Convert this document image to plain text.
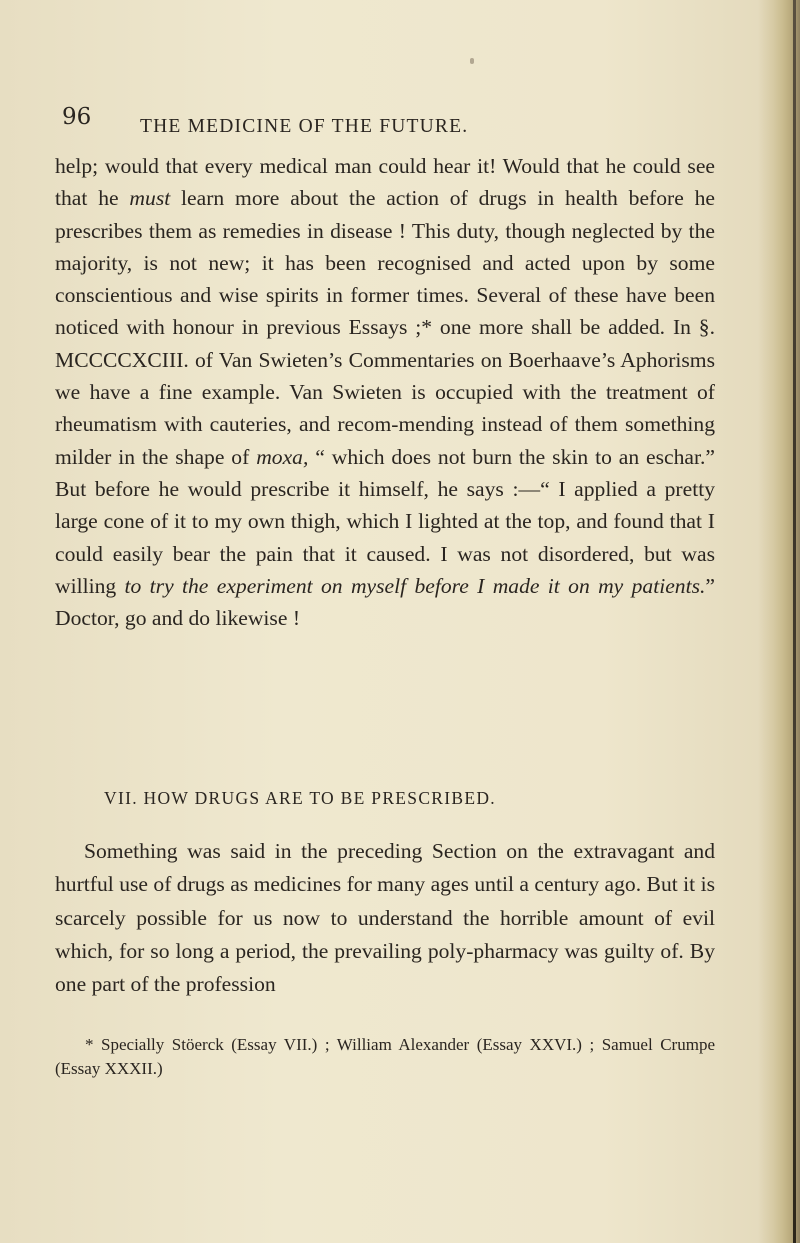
96 THE MEDICINE OF THE FUTURE.

help; would that every medical man could hear it! Would that he could see that he must learn more about the action of drugs in health before he prescribes them as remedies in disease ! This duty, though neglected by the majority, is not new; it has been recognised and acted upon by some conscientious and wise spirits in former times. Several of these have been noticed with honour in previous Essays ;* one more shall be added. In §. MCCCCXCIII. of Van Swieten’s Commentaries on Boerhaave’s Aphorisms we have a fine example. Van Swieten is occupied with the treatment of rheumatism with cauteries, and recom-mending instead of them something milder in the shape of moxa, “ which does not burn the skin to an eschar.” But before he would prescribe it himself, he says :—“ I applied a pretty large cone of it to my own thigh, which I lighted at the top, and found that I could easily bear the pain that it caused. I was not disordered, but was willing to try the experiment on myself before I made it on my patients.” Doctor, go and do likewise !

VII. HOW DRUGS ARE TO BE PRESCRIBED.
Something was said in the preceding Section on the extravagant and hurtful use of drugs as medicines for many ages until a century ago. But it is scarcely possible for us now to understand the horrible amount of evil which, for so long a period, the prevailing poly-pharmacy was guilty of. By one part of the profession
* Specially Stöerck (Essay VII.) ; William Alexander (Essay XXVI.) ; Samuel Crumpe (Essay XXXII.)
